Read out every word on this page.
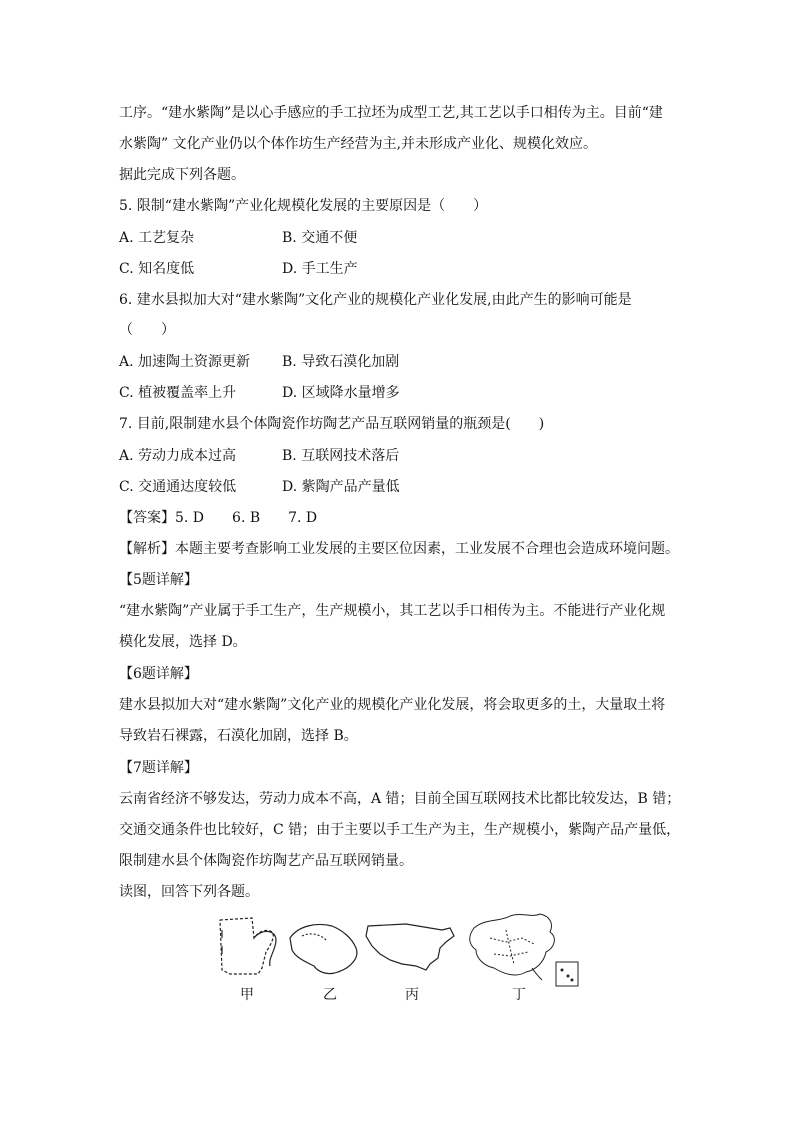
工序。“建水紫陶”是以心手感应的手工拉坯为成型工艺,其工艺以手口相传为主。目前“建
水紫陶” 文化产业仍以个体作坊生产经营为主,并未形成产业化、规模化效应。
据此完成下列各题。
5. 限制“建水紫陶”产业化规模化发展的主要原因是（　　）
A. 工艺复杂	B. 交通不便
C. 知名度低	D. 手工生产
6. 建水县拟加大对“建水紫陶”文化产业的规模化产业化发展,由此产生的影响可能是
（　　）
A. 加速陶土资源更新 B. 导致石漠化加剧
C. 植被覆盖率上升	D. 区域降水量增多
7. 目前,限制建水县个体陶瓷作坊陶艺产品互联网销量的瓶颈是(　　)
A. 劳动力成本过高	B. 互联网技术落后
C. 交通通达度较低	D. 紫陶产品产量低
【答案】5. D　　6. B　　7. D
【解析】本题主要考查影响工业发展的主要区位因素，工业发展不合理也会造成环境问题。
【5题详解】
“建水紫陶”产业属于手工生产，生产规模小，其工艺以手口相传为主。不能进行产业化规
模化发展，选择 D。
【6题详解】
建水县拟加大对“建水紫陶”文化产业的规模化产业化发展，将会取更多的土，大量取土将
导致岩石裸露，石漠化加剧，选择 B。
【7题详解】
云南省经济不够发达，劳动力成本不高，A 错；目前全国互联网技术比都比较发达，B 错；
交通交通条件也比较好，C 错；由于主要以手工生产为主，生产规模小，紫陶产品产量低，
限制建水县个体陶瓷作坊陶艺产品互联网销量。
读图，回答下列各题。
甲	乙	丙	丁
